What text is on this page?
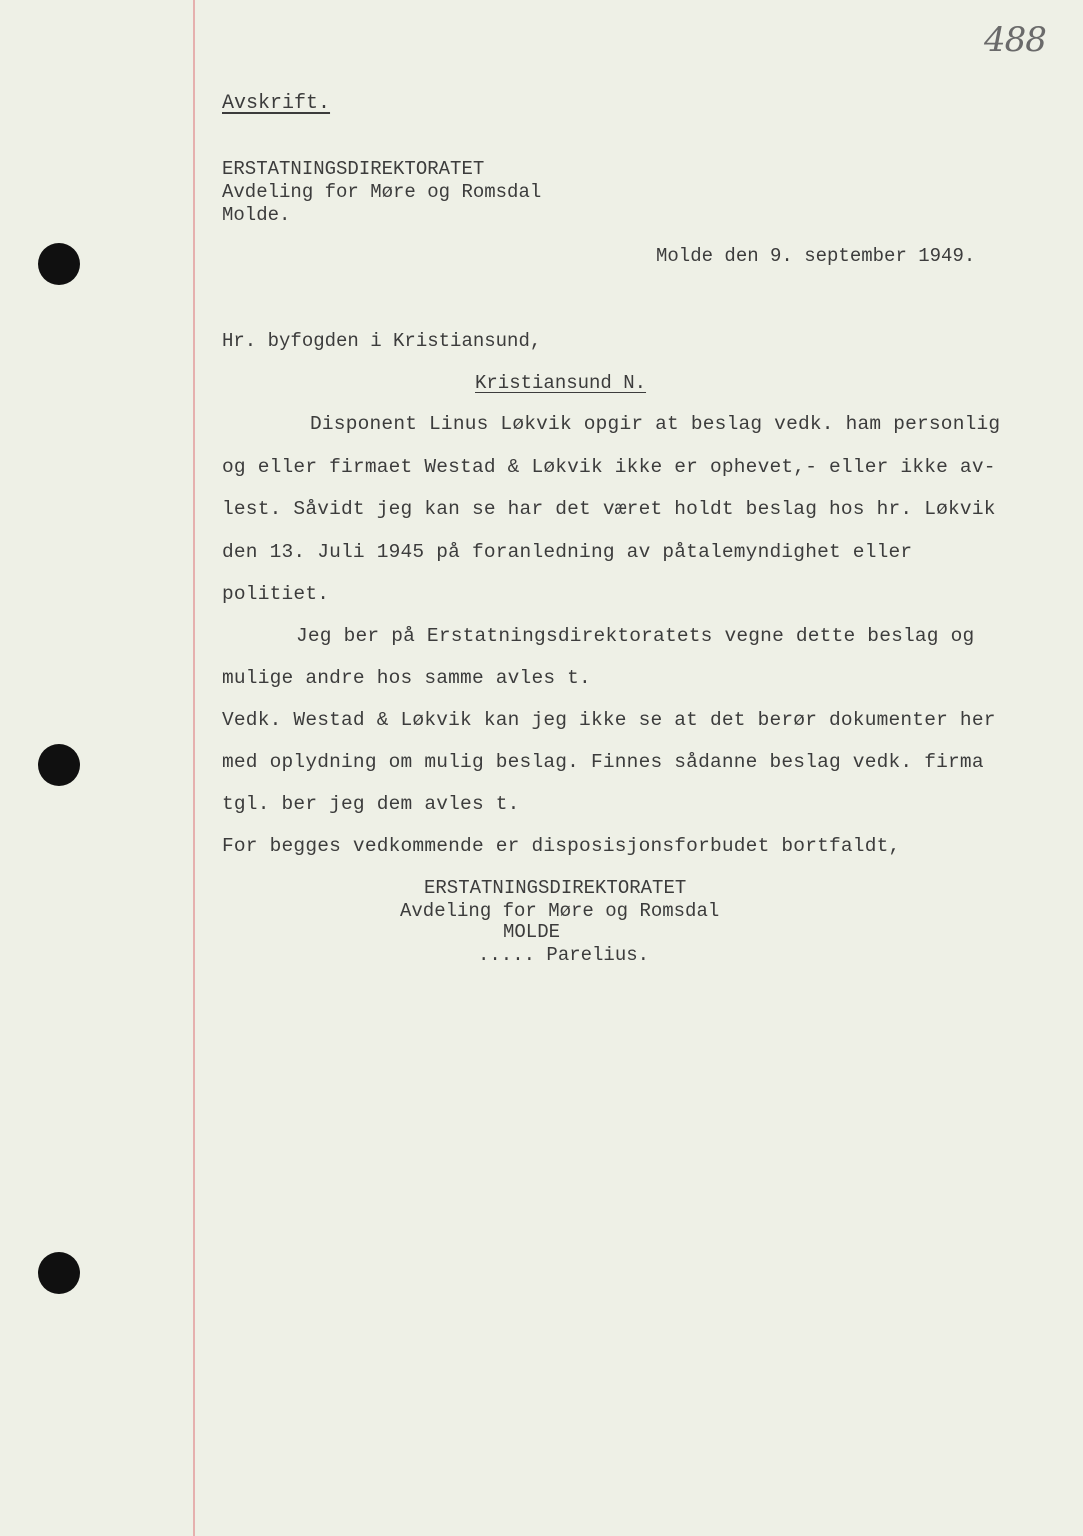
488
Avskrift.
ERSTATNINGSDIREKTORATET
Avdeling for Møre og Romsdal
Molde.
Molde den 9. september 1949.
Hr. byfogden i Kristiansund,
Kristiansund N.
Disponent Linus Løkvik opgir at beslag vedk. ham personlig
og eller firmaet Westad & Løkvik ikke er ophevet,- eller ikke av-
lest. Såvidt jeg kan se har det været holdt beslag hos hr. Løkvik
den 13. Juli 1945 på foranledning av påtalemyndighet eller
politiet.
Jeg ber på Erstatningsdirektoratets vegne dette beslag og
mulige andre hos samme avles t.
Vedk. Westad & Løkvik kan jeg ikke se at det berør dokumenter her
med oplydning om mulig beslag. Finnes sådanne beslag vedk. firma
tgl. ber jeg dem avles t.
For begges vedkommende er disposisjonsforbudet bortfaldt,
ERSTATNINGSDIREKTORATET
Avdeling for Møre og Romsdal
MOLDE
..... Parelius.
